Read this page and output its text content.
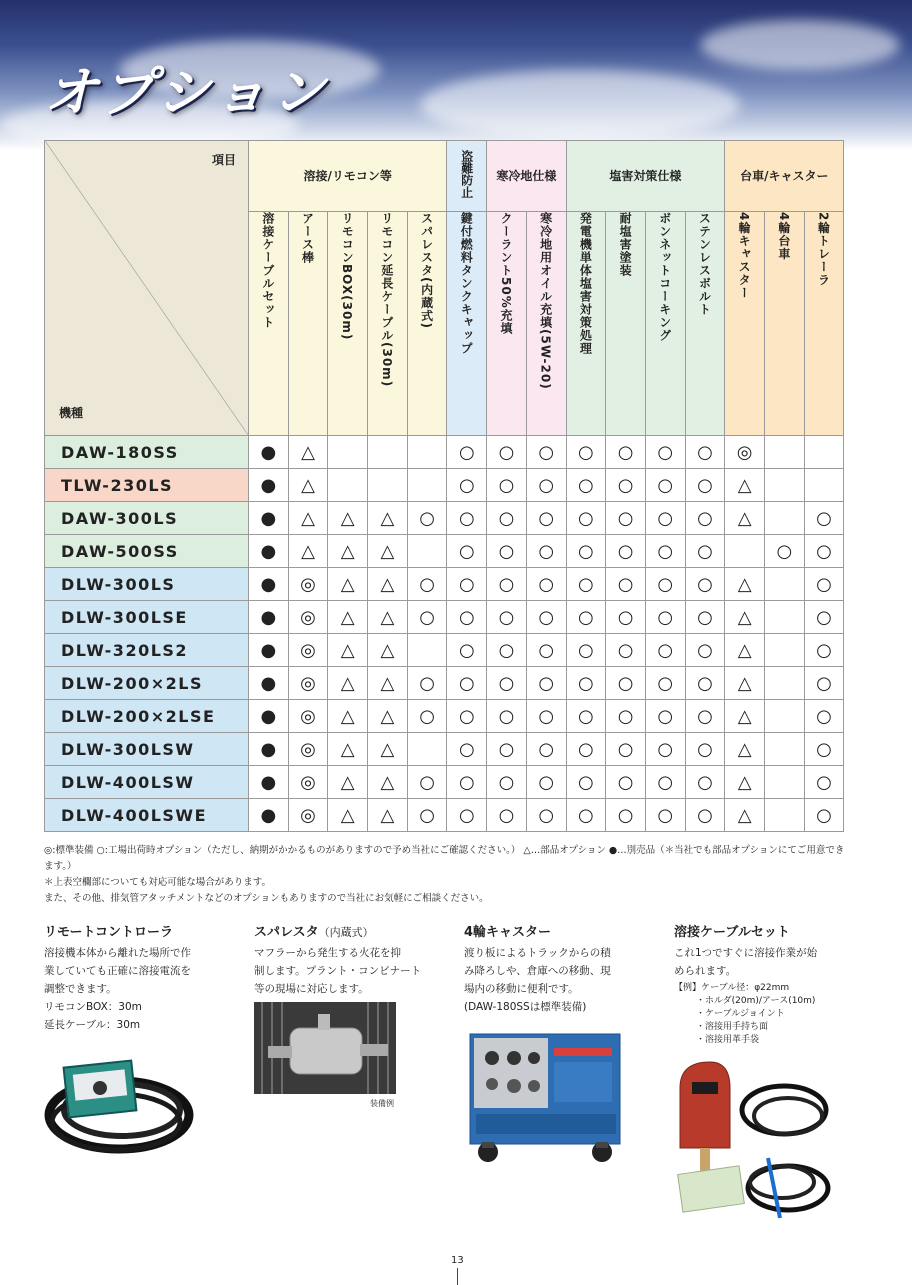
オプション
項目
機種	溶接/リモコン等					盗難防止	寒冷地仕様		塩害対策仕様				台車/キャスター		
	溶接ケーブルセット	アース棒	リモコンBOX(30m)	リモコン延長ケーブル(30m)	スパレスタ(内蔵式)	鍵付燃料タンクキャップ	クーラント50%充填	寒冷地用オイル充填(5W-20)	発電機単体塩害対策処理	耐塩害塗装	ボンネットコーキング	ステンレスボルト	4輪キャスター	4輪台車	2輪トレーラ
DAW-180SS	●	△				○	○	○	○	○	○	○	◎		
TLW-230LS	●	△				○	○	○	○	○	○	○	△		
DAW-300LS	●	△	△	△	○	○	○	○	○	○	○	○	△		○
DAW-500SS	●	△	△	△		○	○	○	○	○	○	○		○	○
DLW-300LS	●	◎	△	△	○	○	○	○	○	○	○	○	△		○
DLW-300LSE	●	◎	△	△	○	○	○	○	○	○	○	○	△		○
DLW-320LS2	●	◎	△	△		○	○	○	○	○	○	○	△		○
DLW-200×2LS	●	◎	△	△	○	○	○	○	○	○	○	○	△		○
DLW-200×2LSE	●	◎	△	△	○	○	○	○	○	○	○	○	△		○
DLW-300LSW	●	◎	△	△		○	○	○	○	○	○	○	△		○
DLW-400LSW	●	◎	△	△	○	○	○	○	○	○	○	○	△		○
DLW-400LSWE	●	◎	△	△	○	○	○	○	○	○	○	○	△		○
◎:標準装備 ○:工場出荷時オプション（ただし、納期がかかるものがありますので予め当社にご確認ください。） △…部品オプション ●…別売品（＊当社でも部品オプションにてご用意できます。）
＊上表空欄部についても対応可能な場合があります。
また、その他、排気管アタッチメントなどのオプションもありますので当社にお気軽にご相談ください。
リモートコントローラ

溶接機本体から離れた場所で作

業していても正確に溶接電流を

調整できます。

リモコンBOX：30m

延長ケーブル：30m

スパレスタ（内蔵式）

マフラーから発生する火花を抑

制します。プラント・コンビナート

等の現場に対応します。

装備例
4輪キャスター

渡り板によるトラックからの積

み降ろしや、倉庫への移動、現

場内の移動に便利です。

(DAW-180SSは標準装備)

溶接ケーブルセット

これ1つですぐに溶接作業が始

められます。

【例】ケーブル径：φ22mm
・ホルダ(20m)/アース(10m)
・ケーブルジョイント
・溶接用手持ち面
・溶接用革手袋
13
